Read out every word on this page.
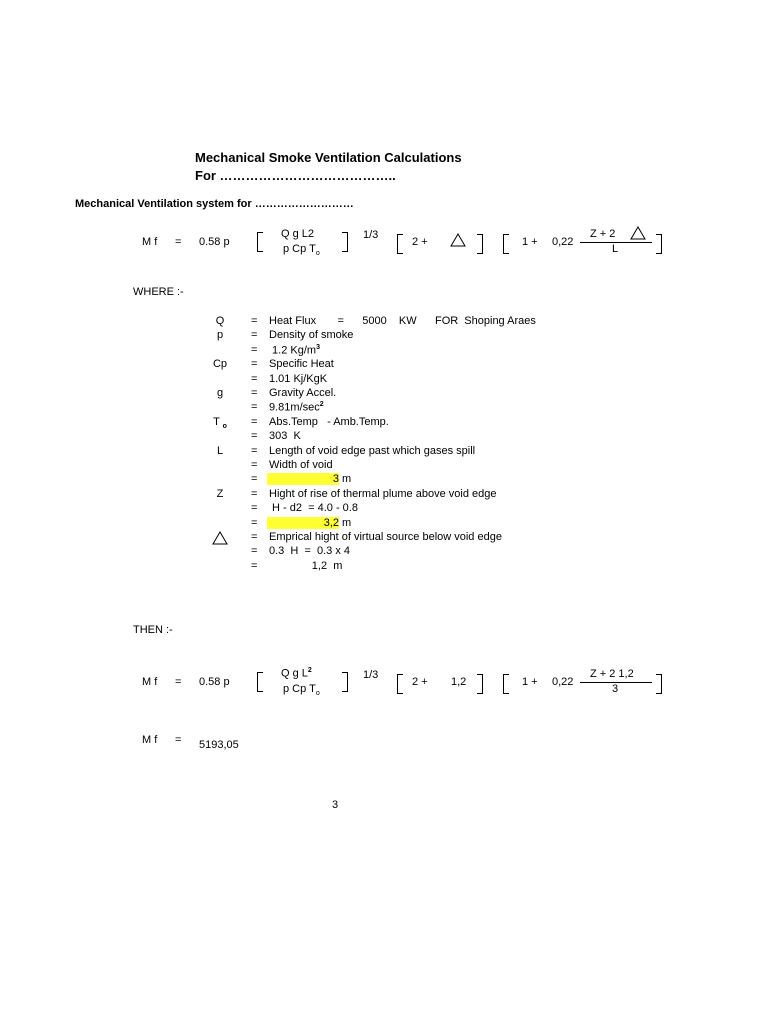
Mechanical Smoke Ventilation Calculations
For …………………………………..
Mechanical Ventilation system for ………………………
M f = 0.58 p
Q g L2
p Cp $T_o$
1/3
2 +	1 + 0,22
Z + 2
L
WHERE :-
Q	= Heat Flux       =      5000    KW      FOR  Shoping Araes
p	= Density of smoke
= 1.2 $Kg/m^3$
Cp = Specific Heat
= 1.01 Kj/KgK
g	= Gravity Accel.
= $9.81m/\sec^2$
T $_o$ = Abs.Temp   - Amb.Temp.
= 303  K
L	= Length of void edge past which gases spill
= Width of void
=	3 m
Z	= Hight of rise of thermal plume above void edge
= H - d2  = 4.0 - 0.8
=	3,2 m
= Emprical hight of virtual source below void edge
= 0.3  H  =  0.3 x 4
= 1,2  m
THEN :-
M f = 0.58 p
Q g $L^2$
p Cp $T_o$
1/3
2 + 1,2	1 + 0,22
Z + 2 1,2
3
M f = 5193,05
3
